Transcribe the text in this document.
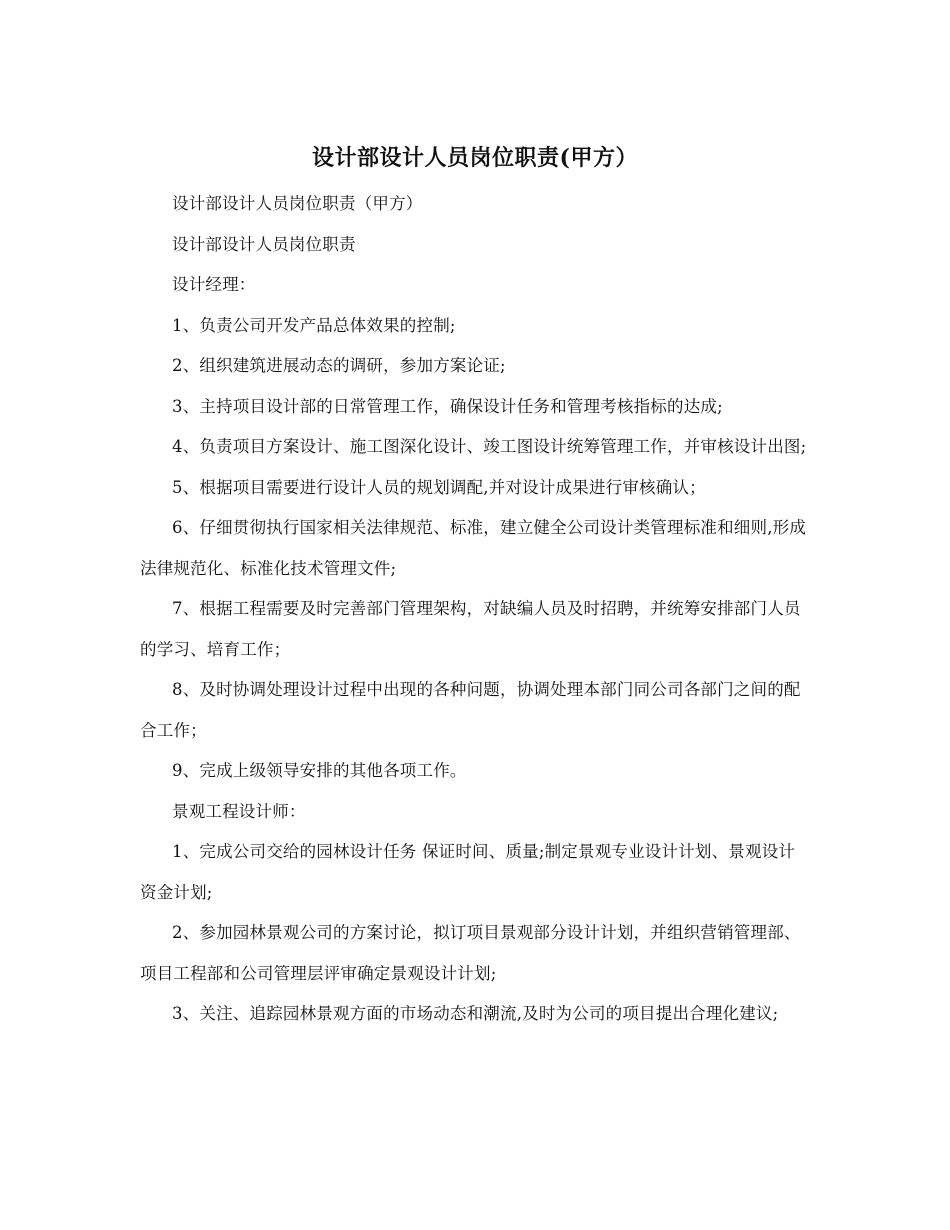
设计部设计人员岗位职责(甲方）

设计部设计人员岗位职责（甲方）

设计部设计人员岗位职责

设计经理：

1、负责公司开发产品总体效果的控制;

2、组织建筑进展动态的调研，参加方案论证;

3、主持项目设计部的日常管理工作，确保设计任务和管理考核指标的达成;

4、负责项目方案设计、施工图深化设计、竣工图设计统筹管理工作，并审核设计出图;

5、根据项目需要进行设计人员的规划调配,并对设计成果进行审核确认；

6、仔细贯彻执行国家相关法律规范、标准，建立健全公司设计类管理标准和细则,形成法律规范化、标准化技术管理文件;

7、根据工程需要及时完善部门管理架构，对缺编人员及时招聘，并统筹安排部门人员的学习、培育工作；

8、及时协调处理设计过程中出现的各种问题，协调处理本部门同公司各部门之间的配合工作；

9、完成上级领导安排的其他各项工作。

景观工程设计师：

1、完成公司交给的园林设计任务 保证时间、质量;制定景观专业设计计划、景观设计资金计划;

2、参加园林景观公司的方案讨论，拟订项目景观部分设计计划，并组织营销管理部、项目工程部和公司管理层评审确定景观设计计划;

3、关注、追踪园林景观方面的市场动态和潮流,及时为公司的项目提出合理化建议;
